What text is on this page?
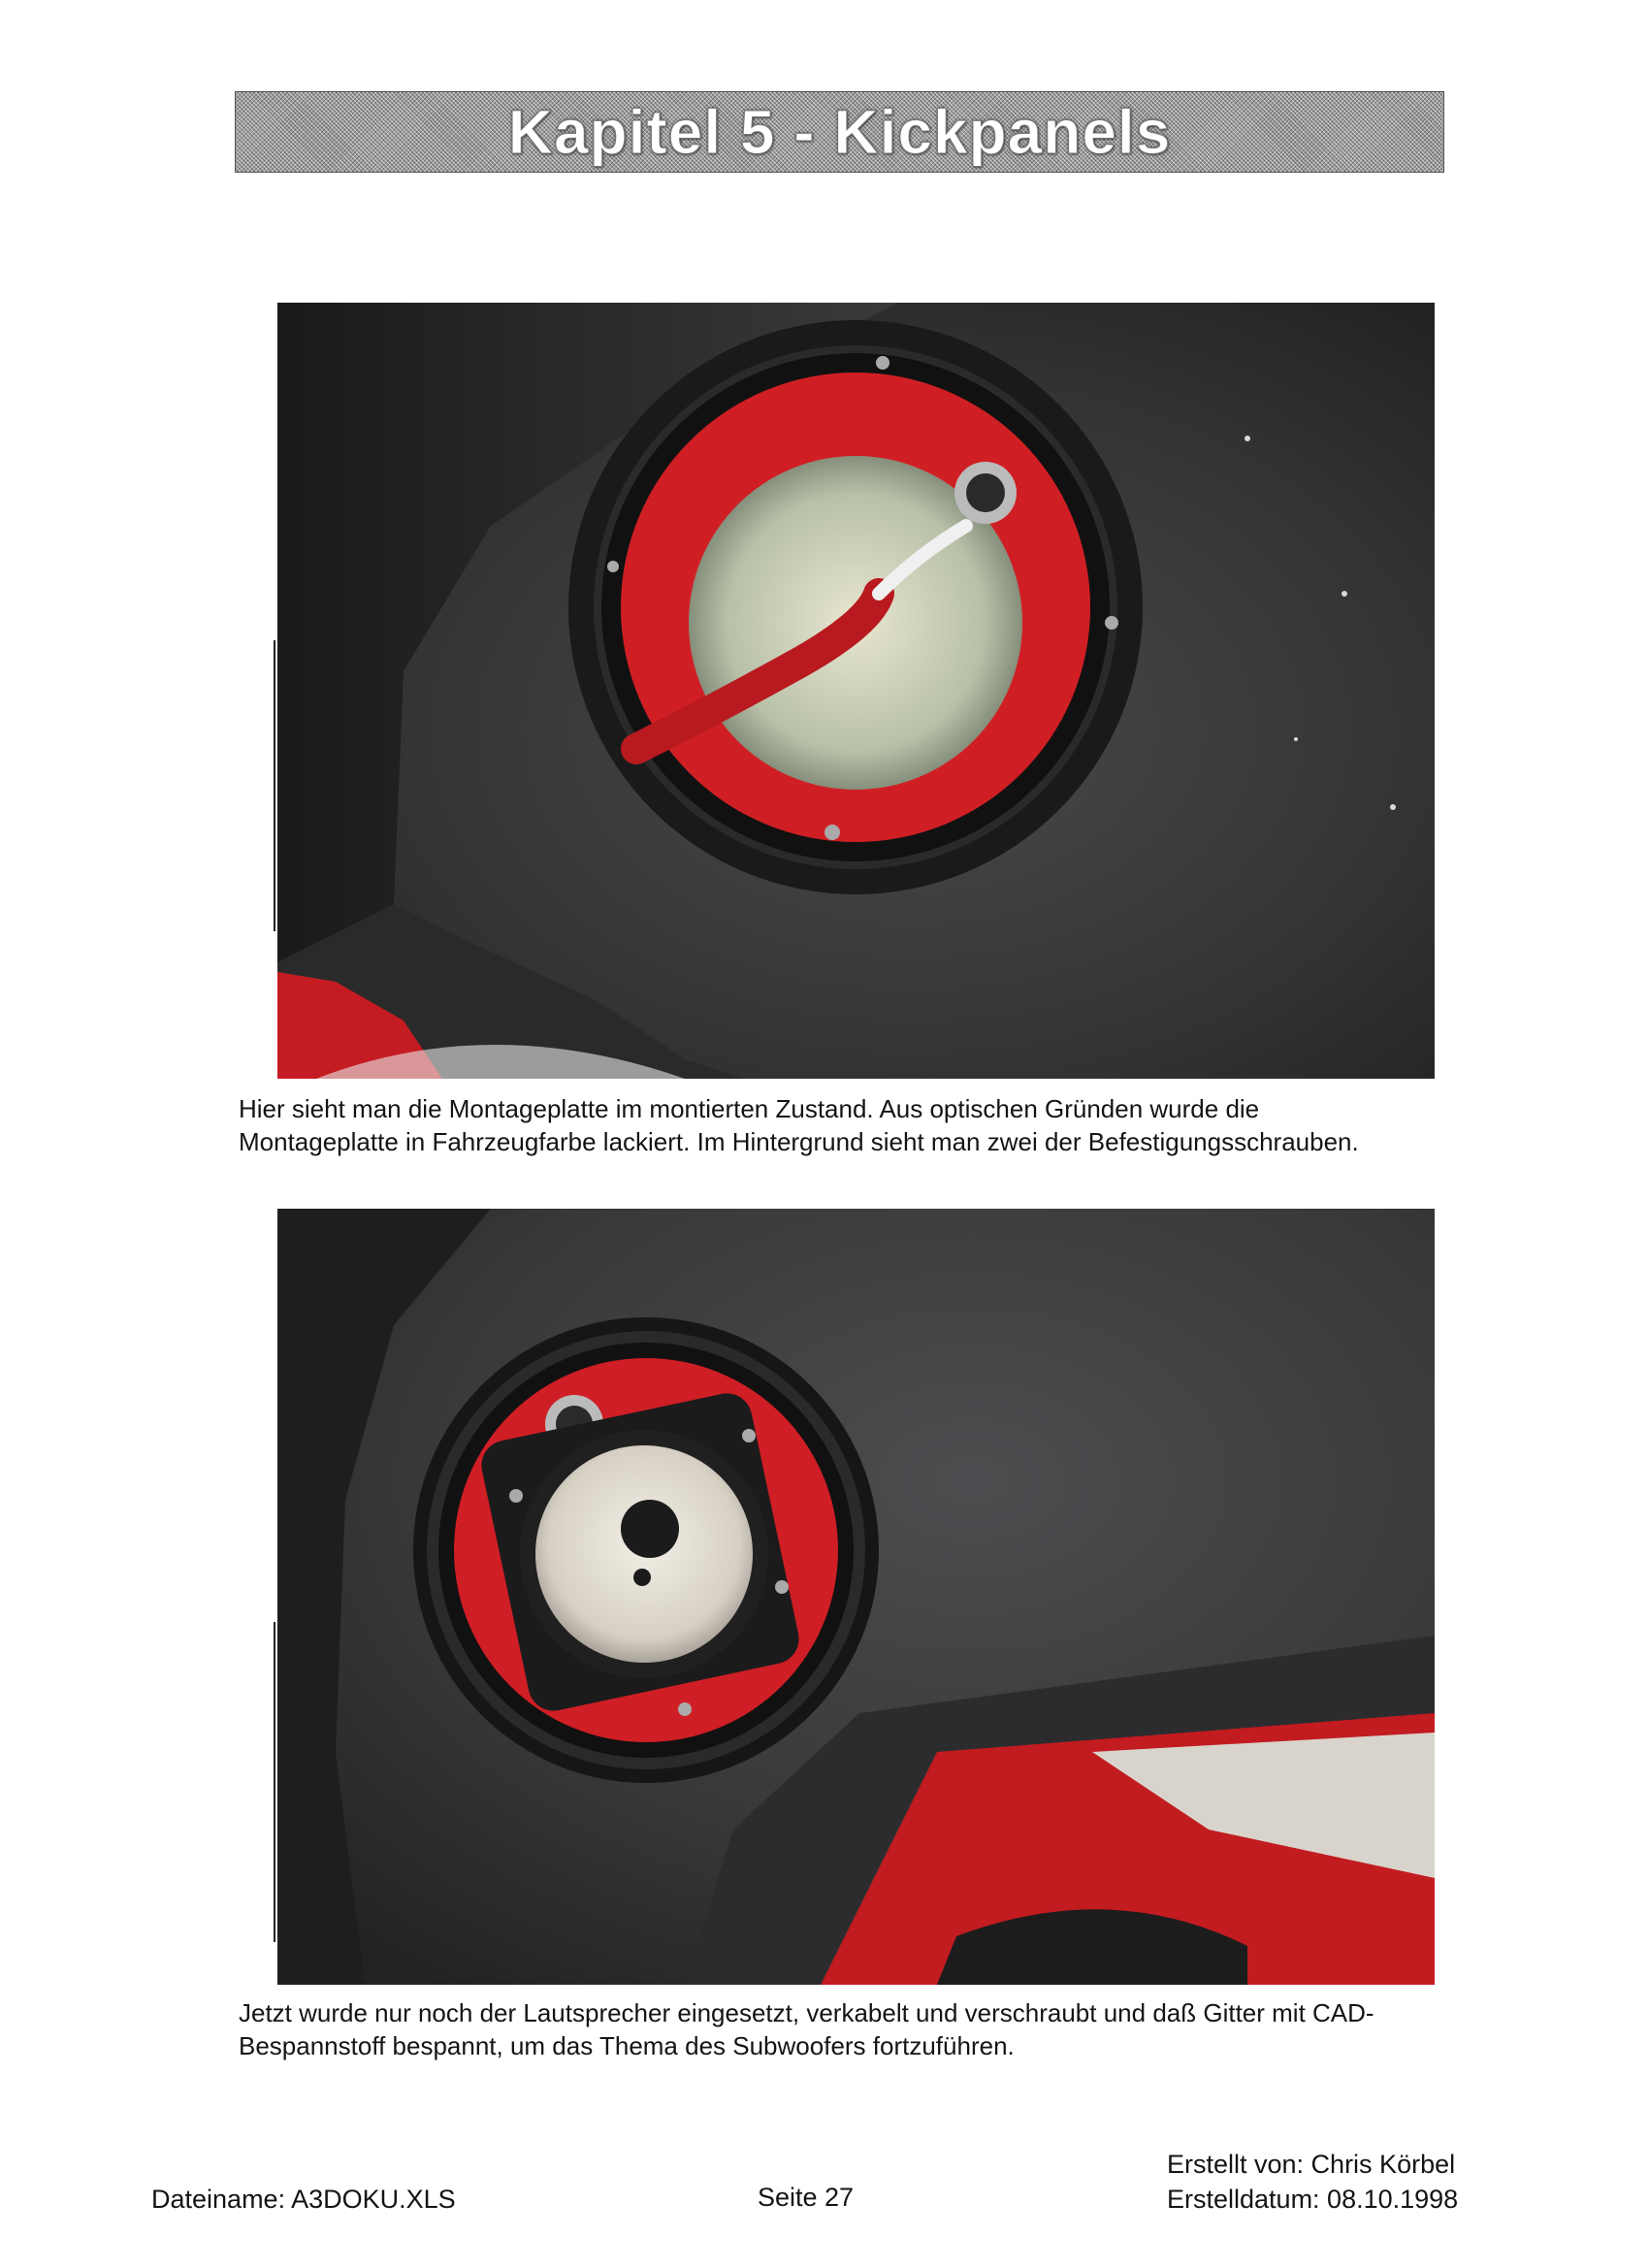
Kapitel 5 - Kickpanels
Hier sieht man die Montageplatte im montierten Zustand. Aus optischen Gründen wurde die Montageplatte in Fahrzeugfarbe lackiert. Im Hintergrund sieht man zwei der Befestigungsschrauben.
Jetzt wurde nur noch der Lautsprecher eingesetzt, verkabelt und verschraubt und daß Gitter mit CAD-Bespannstoff bespannt, um das Thema des Subwoofers fortzuführen.
Dateiname: A3DOKU.XLS	Seite 27
Erstellt von: Chris Körbel
Erstelldatum: 08.10.1998
